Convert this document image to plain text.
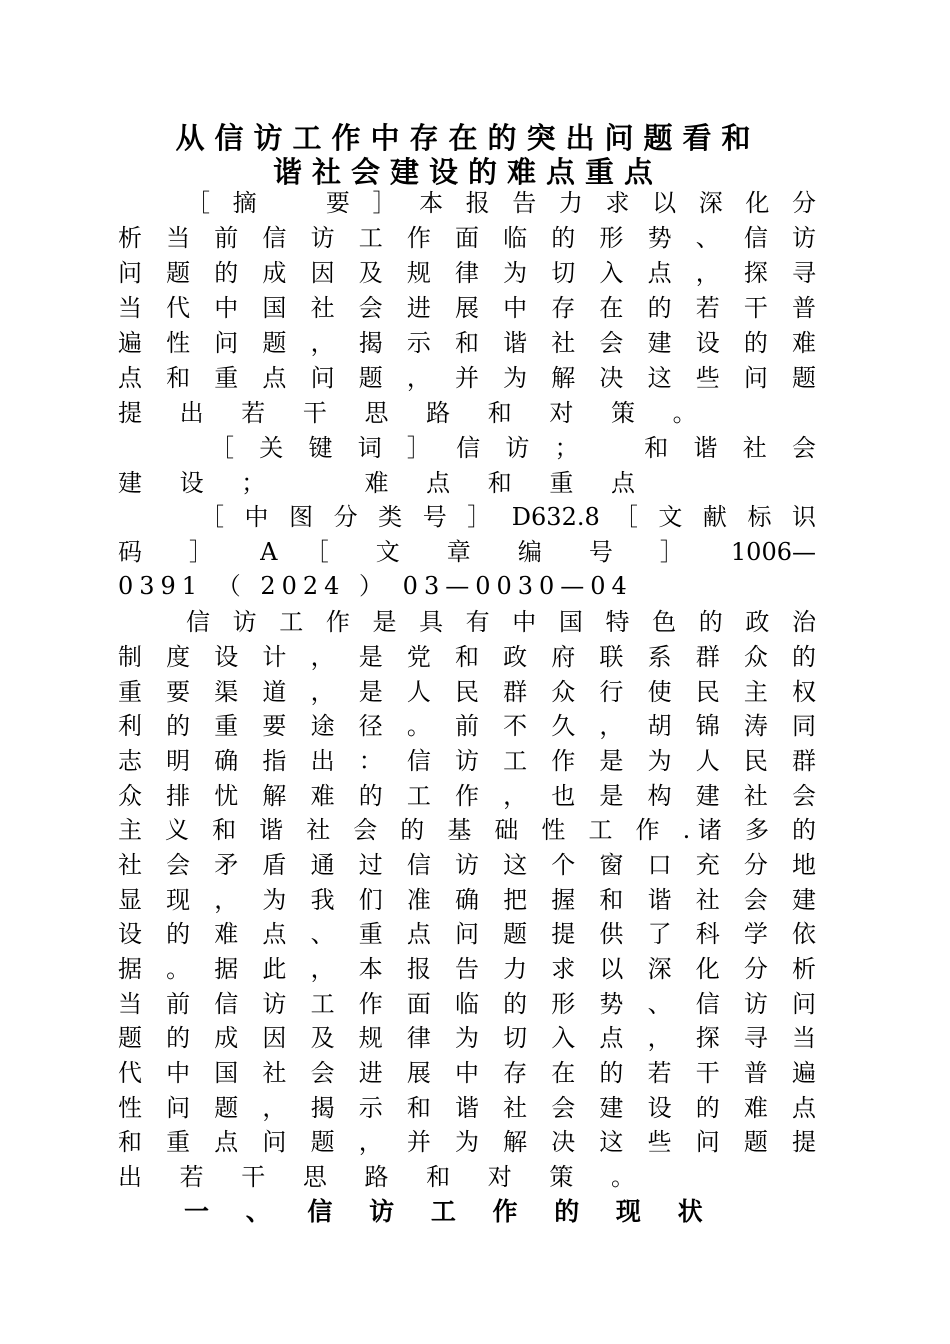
从信访工作中存在的突出问题看和
谐社会建设的难点重点
［ 摘 　 要 ］ 本 报 告 力 求 以 深 化 分
析 当 前 信 访 工 作 面 临 的 形 势 、 信 访
问 题 的 成 因 及 规 律 为 切 入 点 ， 探 寻
当 代 中 国 社 会 进 展 中 存 在 的 若 干 普
遍 性 问 题 ， 揭 示 和 谐 社 会 建 设 的 难
点 和 重 点 问 题 ， 并 为 解 决 这 些 问 题
提 出 若 干 思 路 和 对 策 。
［ 关 键 词 ］ 信 访 ； 　 和 谐 社 会
建 设 ； 　 难 点 和 重 点
［ 中 图 分 类 号 ］ D632.8 ［ 文 献 标 识
码 ］ A ［ 文 章 编 号 ］ 1006—
0391 （ 2024 ） 03—0030—04
信 访 工 作 是 具 有 中 国 特 色 的 政 治
制 度 设 计 ， 是 党 和 政 府 联 系 群 众 的
重 要 渠 道 ， 是 人 民 群 众 行 使 民 主 权
利 的 重 要 途 径 。 前 不 久 ， 胡 锦 涛 同
志 明 确 指 出 ： 信 访 工 作 是 为 人 民 群
众 排 忧 解 难 的 工 作 ， 也 是 构 建 社 会
主 义 和 谐 社 会 的 基 础 性 工 作 .诸 多 的
社 会 矛 盾 通 过 信 访 这 个 窗 口 充 分 地
显 现 ， 为 我 们 准 确 把 握 和 谐 社 会 建
设 的 难 点 、 重 点 问 题 提 供 了 科 学 依
据 。 据 此 ， 本 报 告 力 求 以 深 化 分 析
当 前 信 访 工 作 面 临 的 形 势 、 信 访 问
题 的 成 因 及 规 律 为 切 入 点 ， 探 寻 当
代 中 国 社 会 进 展 中 存 在 的 若 干 普 遍
性 问 题 ， 揭 示 和 谐 社 会 建 设 的 难 点
和 重 点 问 题 ， 并 为 解 决 这 些 问 题 提
出 若 干 思 路 和 对 策 。
一 、 信 访 工 作 的 现 状
